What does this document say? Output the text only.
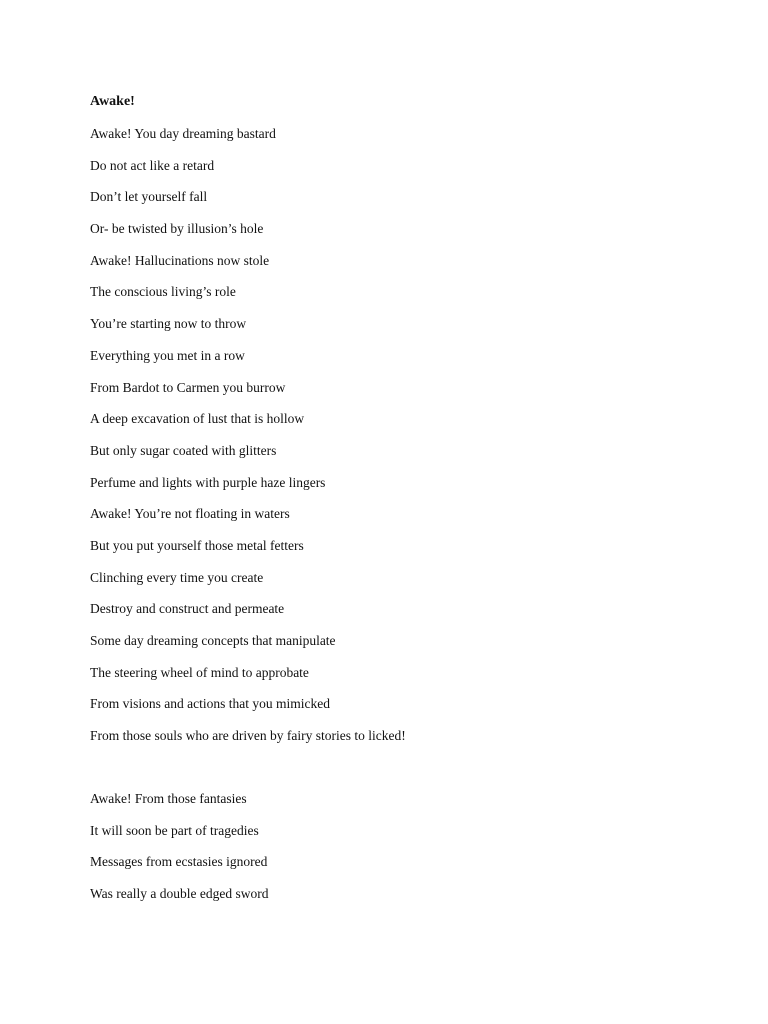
Awake!
Awake! You day dreaming bastard
Do not act like a retard
Don’t let yourself fall
Or- be twisted by illusion’s hole
Awake! Hallucinations now stole
The conscious living’s role
You’re starting now to throw
Everything you met in a row
From Bardot to Carmen you burrow
A deep excavation of lust that is hollow
But only sugar coated with glitters
Perfume and lights with purple haze lingers
Awake! You’re not floating in waters
But you put yourself those metal fetters
Clinching every time you create
Destroy and construct and permeate
Some day dreaming concepts that manipulate
The steering wheel of mind to approbate
From visions and actions that you mimicked
From those souls who are driven by fairy stories to licked!
Awake! From those fantasies
It will soon be part of tragedies
Messages from ecstasies ignored
Was really a double edged sword
